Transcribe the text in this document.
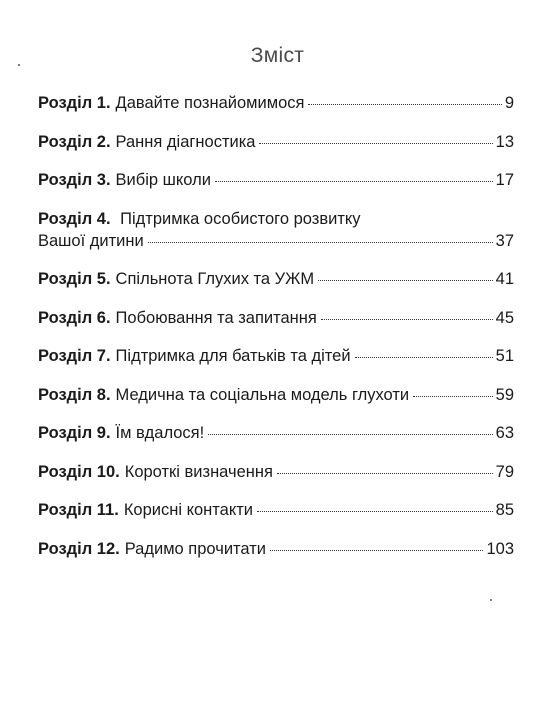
Зміст
Розділ 1. Давайте познайомимося	9
Розділ 2. Рання діагностика	13
Розділ 3. Вибір школи	17
Розділ 4. Підтримка особистого розвитку
Вашої дитини	37
Розділ 5. Спільнота Глухих та УЖМ	41
Розділ 6. Побоювання та запитання	45
Розділ 7. Підтримка для батьків та дітей	51
Розділ 8. Медична та соціальна модель глухоти	59
Розділ 9. Їм вдалося!	63
Розділ 10. Короткі визначення	79
Розділ 11. Корисні контакти	85
Розділ 12. Радимо прочитати	103
